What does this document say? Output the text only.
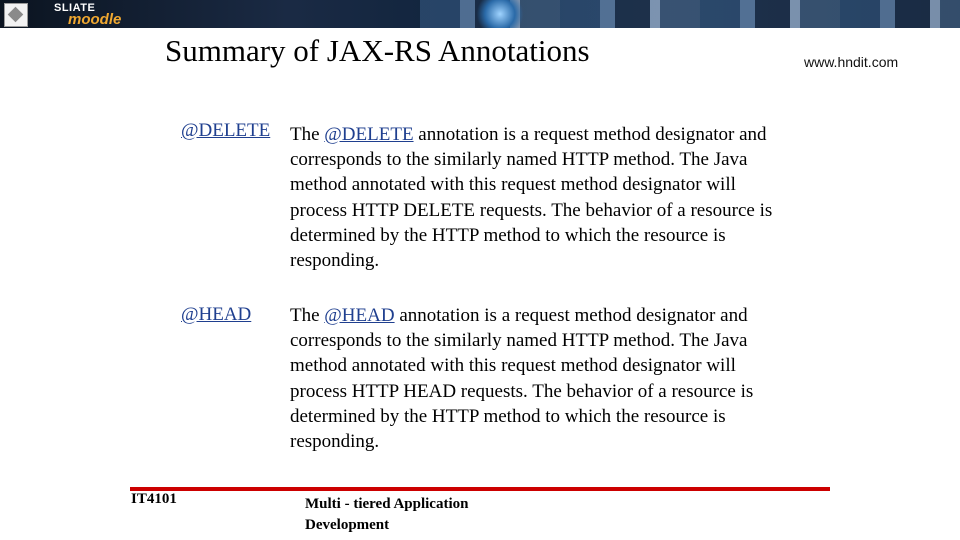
SLIATE
moodle
Summary of JAX-RS Annotations	www.hndit.com
@DELETE The @DELETE annotation is a request method designator and corresponds to the similarly named HTTP method. The Java method annotated with this request method designator will process HTTP DELETE requests. The behavior of a resource is determined by the HTTP method to which the resource is responding.
@HEAD The @HEAD annotation is a request method designator and corresponds to the similarly named HTTP method. The Java method annotated with this request method designator will process HTTP HEAD requests. The behavior of a resource is determined by the HTTP method to which the resource is responding.
IT4101	Multi - tiered Application Development
